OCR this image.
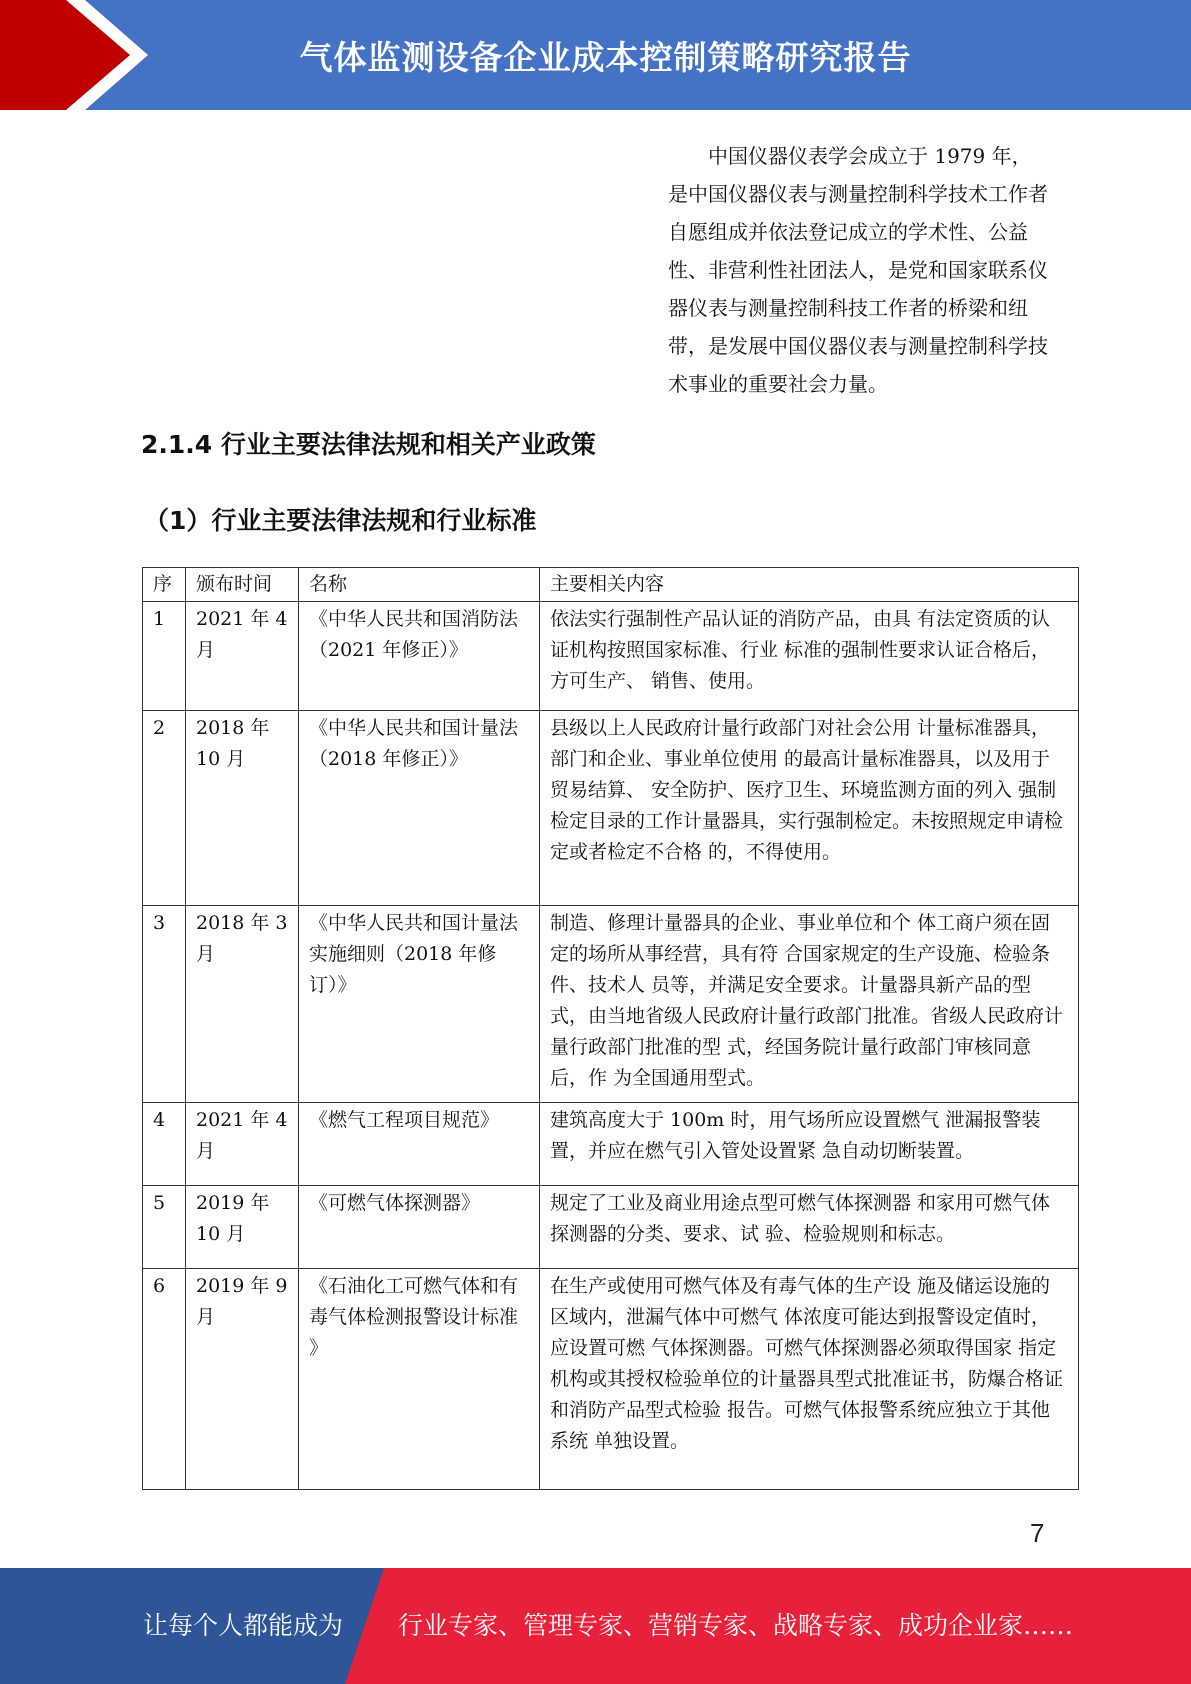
气体监测设备企业成本控制策略研究报告
中国仪器仪表学会成立于 1979 年，是中国仪器仪表与测量控制科学技术工作者自愿组成并依法登记成立的学术性、公益性、非营利性社团法人，是党和国家联系仪器仪表与测量控制科技工作者的桥梁和纽带，是发展中国仪器仪表与测量控制科学技术事业的重要社会力量。
2.1.4 行业主要法律法规和相关产业政策
（1）行业主要法律法规和行业标准
序	颁布时间	名称	主要相关内容
1	2021 年 4 月	《中华人民共和国消防法 （2021 年修正）》	依法实行强制性产品认证的消防产品，由具 有法定资质的认证机构按照国家标准、行业 标准的强制性要求认证合格后，方可生产、 销售、使用。
2	2018 年 10 月	《中华人民共和国计量法 （2018 年修正）》	县级以上人民政府计量行政部门对社会公用 计量标准器具，部门和企业、事业单位使用 的最高计量标准器具，以及用于贸易结算、 安全防护、医疗卫生、环境监测方面的列入 强制检定目录的工作计量器具，实行强制检定。未按照规定申请检定或者检定不合格 的，不得使用。
3	2018 年 3 月	《中华人民共和国计量法 实施细则（2018 年修 订）》	制造、修理计量器具的企业、事业单位和个 体工商户须在固定的场所从事经营，具有符 合国家规定的生产设施、检验条件、技术人 员等，并满足安全要求。计量器具新产品的型式，由当地省级人民政府计量行政部门批准。省级人民政府计量行政部门批准的型 式，经国务院计量行政部门审核同意后，作 为全国通用型式。
4	2021 年 4 月	《燃气工程项目规范》	建筑高度大于 100m 时，用气场所应设置燃气 泄漏报警装置，并应在燃气引入管处设置紧 急自动切断装置。
5	2019 年 10 月	《可燃气体探测器》	规定了工业及商业用途点型可燃气体探测器 和家用可燃气体探测器的分类、要求、试 验、检验规则和标志。
6	2019 年 9 月	《石油化工可燃气体和有 毒气体检测报警设计标准 》	在生产或使用可燃气体及有毒气体的生产设 施及储运设施的区域内，泄漏气体中可燃气 体浓度可能达到报警设定值时，应设置可燃 气体探测器。可燃气体探测器必须取得国家 指定机构或其授权检验单位的计量器具型式批准证书，防爆合格证和消防产品型式检验 报告。可燃气体报警系统应独立于其他系统 单独设置。
7
让每个人都能成为 行业专家、管理专家、营销专家、战略专家、成功企业家……
